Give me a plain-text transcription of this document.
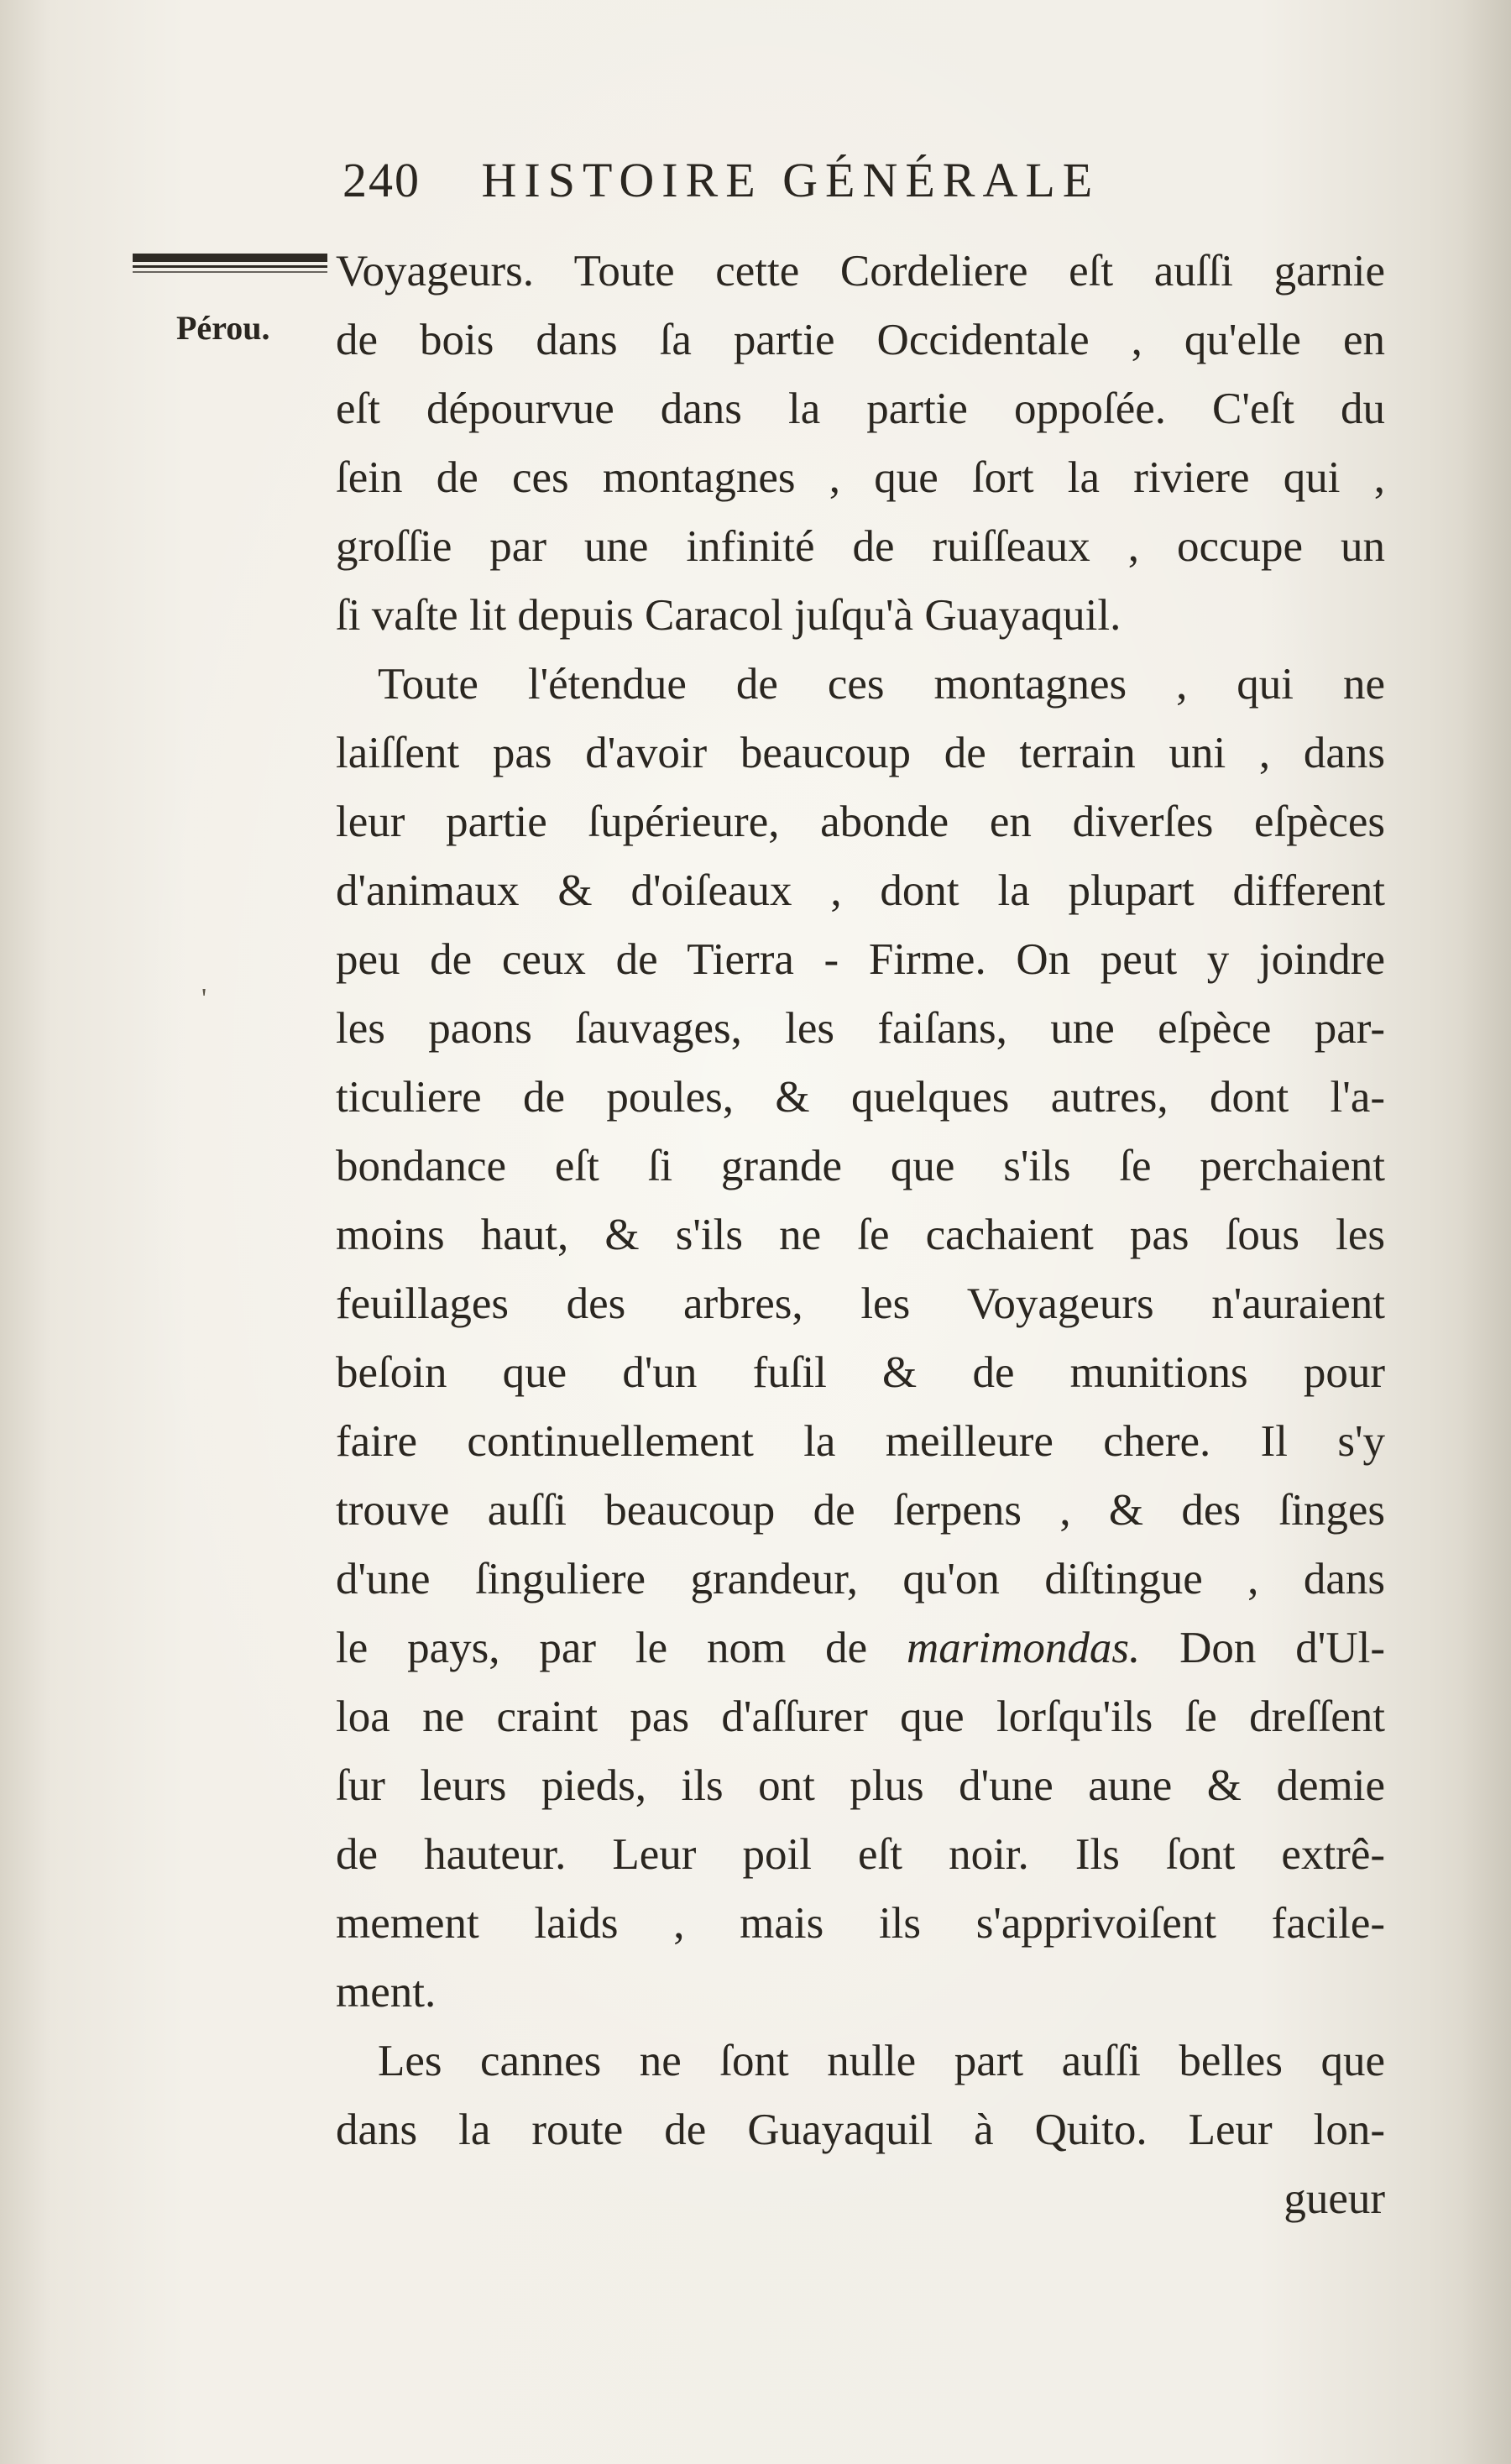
240 HISTOIRE GÉNÉRALE
Pérou.
'
Voyageurs. Toute cette Cordeliere eſt auſſi garnie
de bois dans ſa partie Occidentale , qu'elle en
eſt dépourvue dans la partie oppoſée. C'eſt du
ſein de ces montagnes , que ſort la riviere qui ,
groſſie par une infinité de ruiſſeaux , occupe un
ſi vaſte lit depuis Caracol juſqu'à Guayaquil.
Toute l'étendue de ces montagnes , qui ne
laiſſent pas d'avoir beaucoup de terrain uni , dans
leur partie ſupérieure, abonde en diverſes eſpèces
d'animaux & d'oiſeaux , dont la plupart different
peu de ceux de Tierra - Firme. On peut y joindre
les paons ſauvages, les faiſans, une eſpèce par-
ticuliere de poules, & quelques autres, dont l'a-
bondance eſt ſi grande que s'ils ſe perchaient
moins haut, & s'ils ne ſe cachaient pas ſous les
feuillages des arbres, les Voyageurs n'auraient
beſoin que d'un fuſil & de munitions pour
faire continuellement la meilleure chere. Il s'y
trouve auſſi beaucoup de ſerpens , & des ſinges
d'une ſinguliere grandeur, qu'on diſtingue , dans
le pays, par le nom de marimondas. Don d'Ul-
loa ne craint pas d'aſſurer que lorſqu'ils ſe dreſſent
ſur leurs pieds, ils ont plus d'une aune & demie
de hauteur. Leur poil eſt noir. Ils ſont extrê-
mement laids , mais ils s'apprivoiſent facile-
ment.
Les cannes ne ſont nulle part auſſi belles que
dans la route de Guayaquil à Quito. Leur lon-
gueur
